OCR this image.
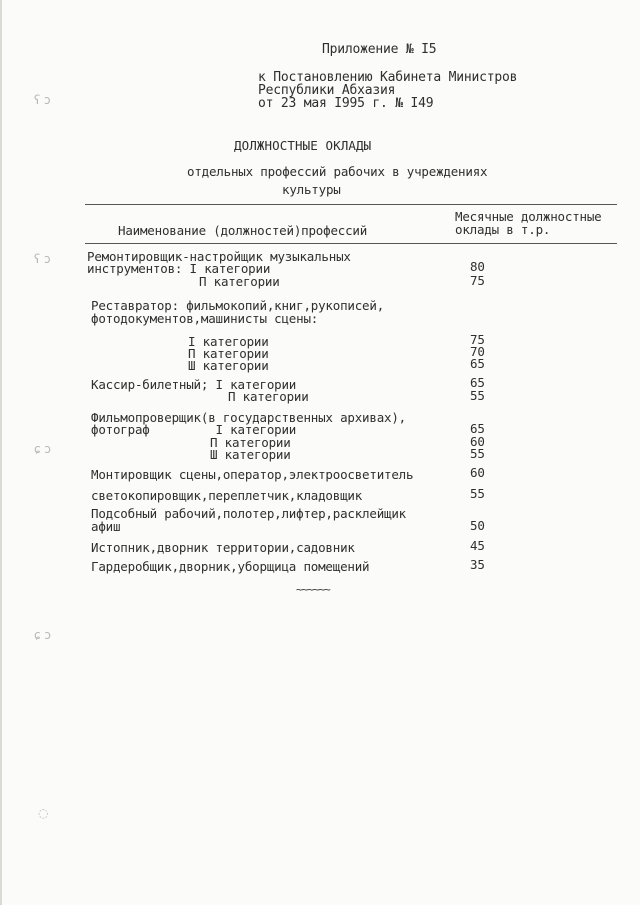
ʕ ɔ
ʕ ɔ
ɕ ɔ
ɕ ɔ
◌
Приложение № I5
к Постановлению Кабинета Министров
Республики Абхазия
от 23 мая I995 г. № I49
ДОЛЖНОСТНЫЕ ОКЛАДЫ
отдельных профессий рабочих в учреждениях
культуры
Наименование (должностей)профессий
Месячные должностные
оклады в т.р.
Ремонтировщик-настройщик музыкальных
инструментов: I категории	80
П категории	75
Реставратор: фильмокопий,книг,рукописей,
фотодокументов,машинисты сцены:
I категории	75
П категории	70
Ш категории	65
Кассир-билетный; I категории	65
П категории	55
Фильмопроверщик(в государственных архивах),
фотограф         I категории	65
П категории	60
Ш категории	55
Монтировщик сцены,оператор,электроосветитель	60
светокопировщик,переплетчик,кладовщик	55
Подсобный рабочий,полотер,лифтер,расклейщик
афиш	50
Истопник,дворник территории,садовник	45
Гардеробщик,дворник,уборщица помещений	35
~~~~~~
